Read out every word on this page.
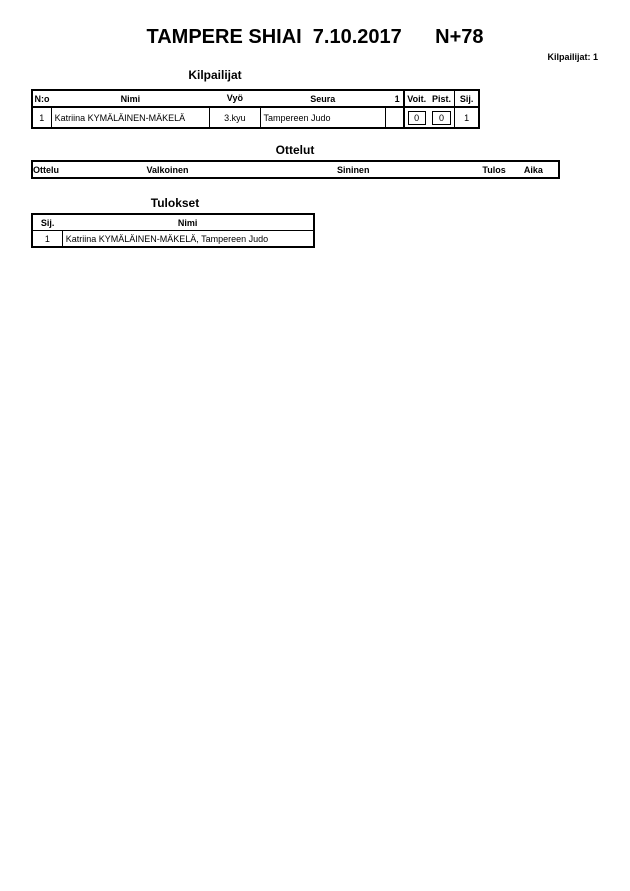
TAMPERE SHIAI  7.10.2017      N+78
Kilpailijat: 1
Kilpailijat
N:o	Nimi	Vyö	Seura	1	Voit.	Pist.	Sij.
1	Katriina KYMÄLÄINEN-MÄKELÄ	3.kyu	Tampereen Judo		0	0	1
Ottelut
Ottelu	Valkoinen	Sininen	Tulos	Aika
Tulokset
Sij.	Nimi
1	Katriina KYMÄLÄINEN-MÄKELÄ, Tampereen Judo
